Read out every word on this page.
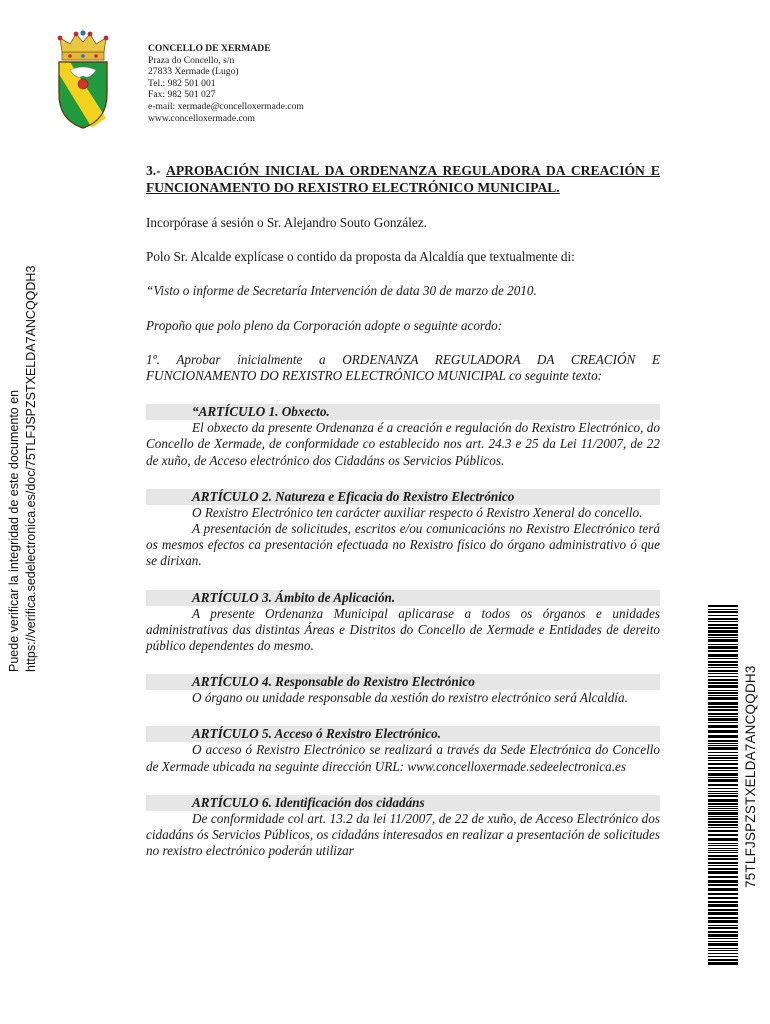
CONCELLO DE XERMADE
Praza do Concello, s/n
27833 Xermade (Lugo)
Tel.: 982 501 001
Fax: 982 501 027
e-mail: xermade@concelloxermade.com
www.concelloxermade.com
Puede verificar la integridad de este documento en https://verifica.sedelectronica.es/doc/75TLFJSPZSTXELDA7ANCQQDH3
75TLFJSPZSTXELDA7ANCQQDH3
3.- APROBACIÓN INICIAL DA ORDENANZA REGULADORA DA CREACIÓN E FUNCIONAMENTO DO REXISTRO ELECTRÓNICO MUNICIPAL.

Incorpórase á sesión o Sr. Alejandro Souto González.

Polo Sr. Alcalde explícase o contido da proposta da Alcaldía que textualmente di:

“Visto o informe de Secretaría Intervención de data 30 de marzo de 2010.

Propoño que polo pleno da Corporación adopte o seguinte acordo:

1º. Aprobar inicialmente a ORDENANZA REGULADORA DA CREACIÓN E FUNCIONAMENTO DO REXISTRO ELECTRÓNICO MUNICIPAL co seguinte texto:

“ARTÍCULO 1. Obxecto.

El obxecto da presente Ordenanza é a creación e regulación do Rexistro Electrónico, do Concello de Xermade, de conformidade co establecido nos art. 24.3 e 25 da Lei 11/2007, de 22 de xuño, de Acceso electrónico dos Cidadáns os Servicios Públicos.

ARTÍCULO 2. Natureza e Eficacia do Rexistro Electrónico

O Rexistro Electrónico ten carácter auxiliar respecto ó Rexistro Xeneral do concello.

A presentación de solicitudes, escritos e/ou comunicacións no Rexistro Electrónico terá os mesmos efectos ca presentación efectuada no Rexistro físico do órgano administrativo ó que se dirixan.

ARTÍCULO 3. Ámbito de Aplicación.

A presente Ordenanza Municipal aplicarase a todos os órganos e unidades administrativas das distintas Áreas e Distritos do Concello de Xermade e Entidades de dereito público dependentes do mesmo.

ARTÍCULO 4. Responsable do Rexistro Electrónico

O órgano ou unidade responsable da xestión do rexistro electrónico será Alcaldía.

ARTÍCULO 5. Acceso ó Rexistro Electrónico.

O acceso ó Rexistro Electrónico se realizará a través da Sede Electrónica do Concello de Xermade ubicada na seguinte dirección URL: www.concelloxermade.sedeelectronica.es

ARTÍCULO 6. Identificación dos cidadáns

De conformidade col art. 13.2 da lei 11/2007, de 22 de xuño, de Acceso Electrónico dos cidadáns ós Servicios Públicos, os cidadáns interesados en realizar a presentación de solicitudes no rexistro electrónico poderán utilizar
